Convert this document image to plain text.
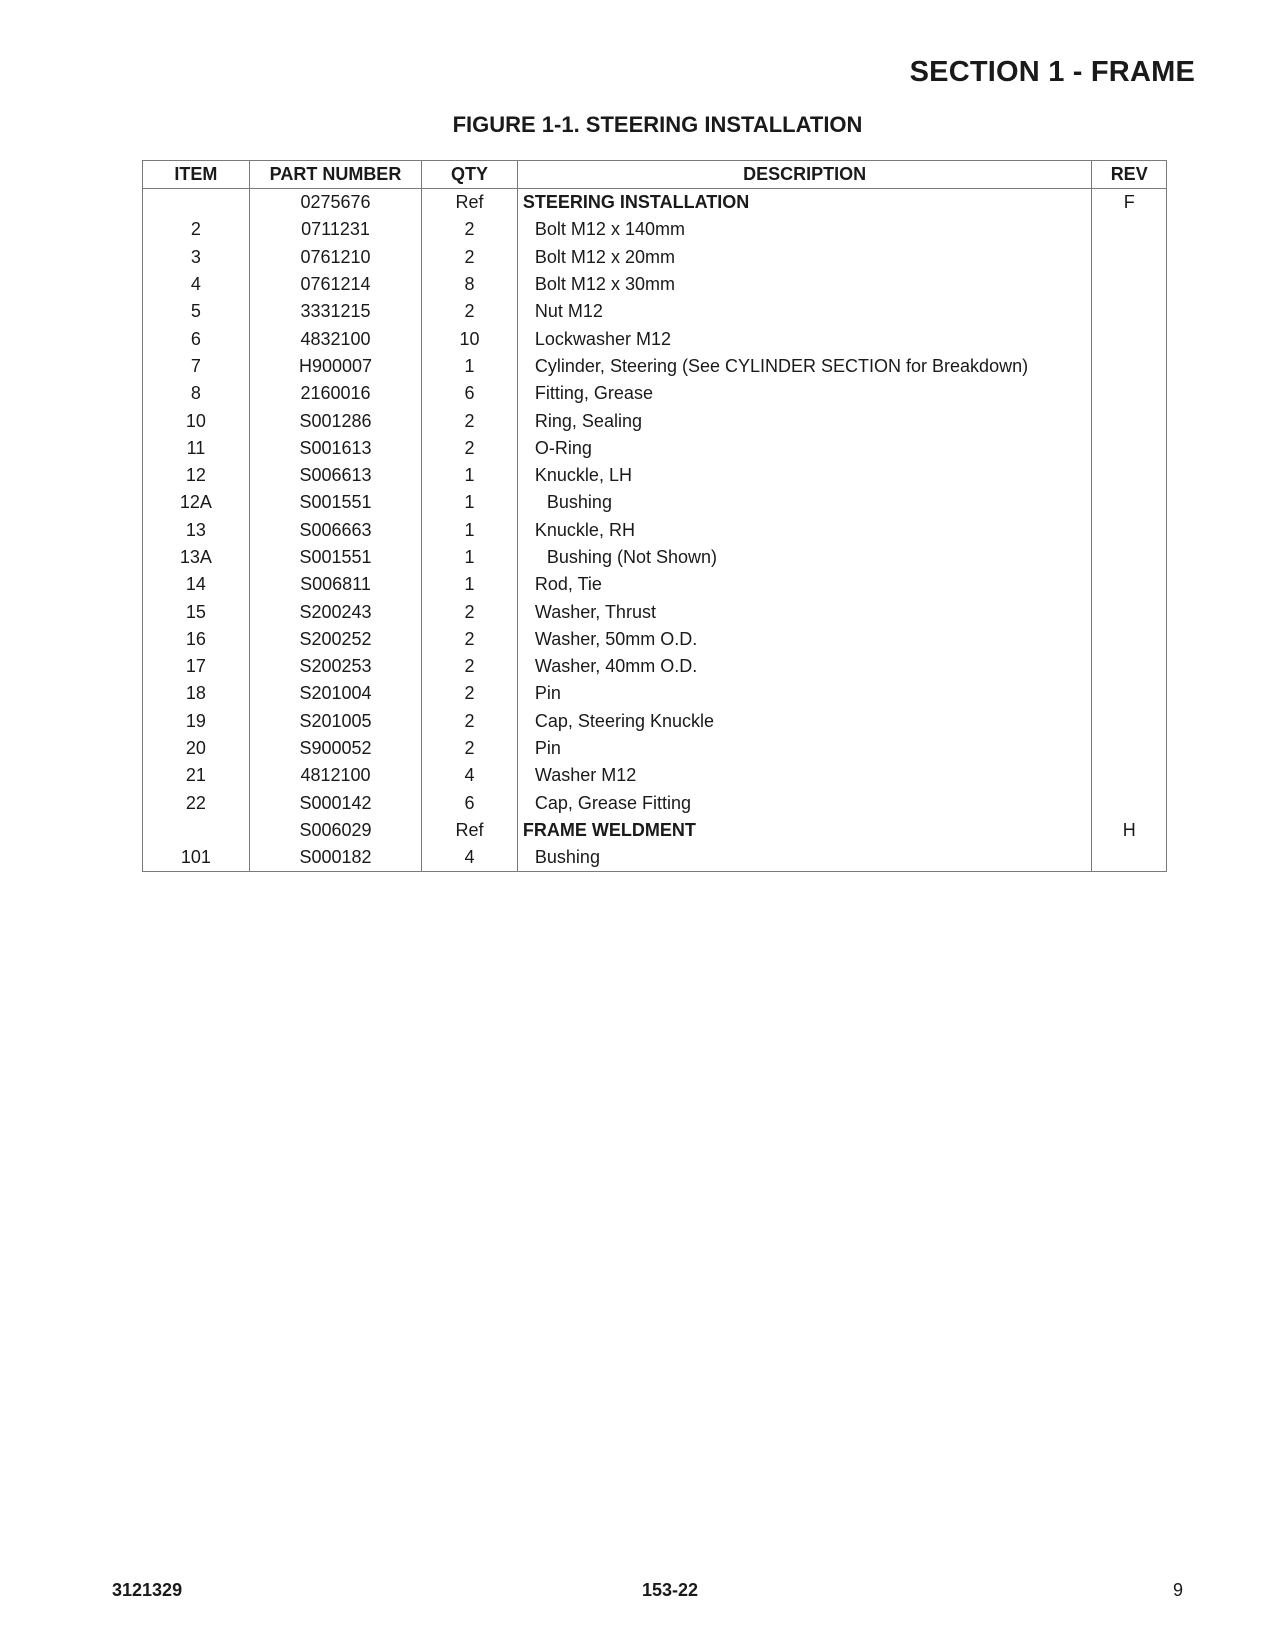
SECTION 1 - FRAME
FIGURE 1-1. STEERING INSTALLATION
ITEM	PART NUMBER	QTY	DESCRIPTION	REV
	0275676	Ref	STEERING INSTALLATION	F
2	0711231	2	Bolt M12 x 140mm	
3	0761210	2	Bolt M12 x 20mm	
4	0761214	8	Bolt M12 x 30mm	
5	3331215	2	Nut M12	
6	4832100	10	Lockwasher M12	
7	H900007	1	Cylinder, Steering (See CYLINDER SECTION for Breakdown)	
8	2160016	6	Fitting, Grease	
10	S001286	2	Ring, Sealing	
11	S001613	2	O-Ring	
12	S006613	1	Knuckle, LH	
12A	S001551	1	Bushing	
13	S006663	1	Knuckle, RH	
13A	S001551	1	Bushing (Not Shown)	
14	S006811	1	Rod, Tie	
15	S200243	2	Washer, Thrust	
16	S200252	2	Washer, 50mm O.D.	
17	S200253	2	Washer, 40mm O.D.	
18	S201004	2	Pin	
19	S201005	2	Cap, Steering Knuckle	
20	S900052	2	Pin	
21	4812100	4	Washer M12	
22	S000142	6	Cap, Grease Fitting	
	S006029	Ref	FRAME WELDMENT	H
101	S000182	4	Bushing	
3121329	153-22	9
